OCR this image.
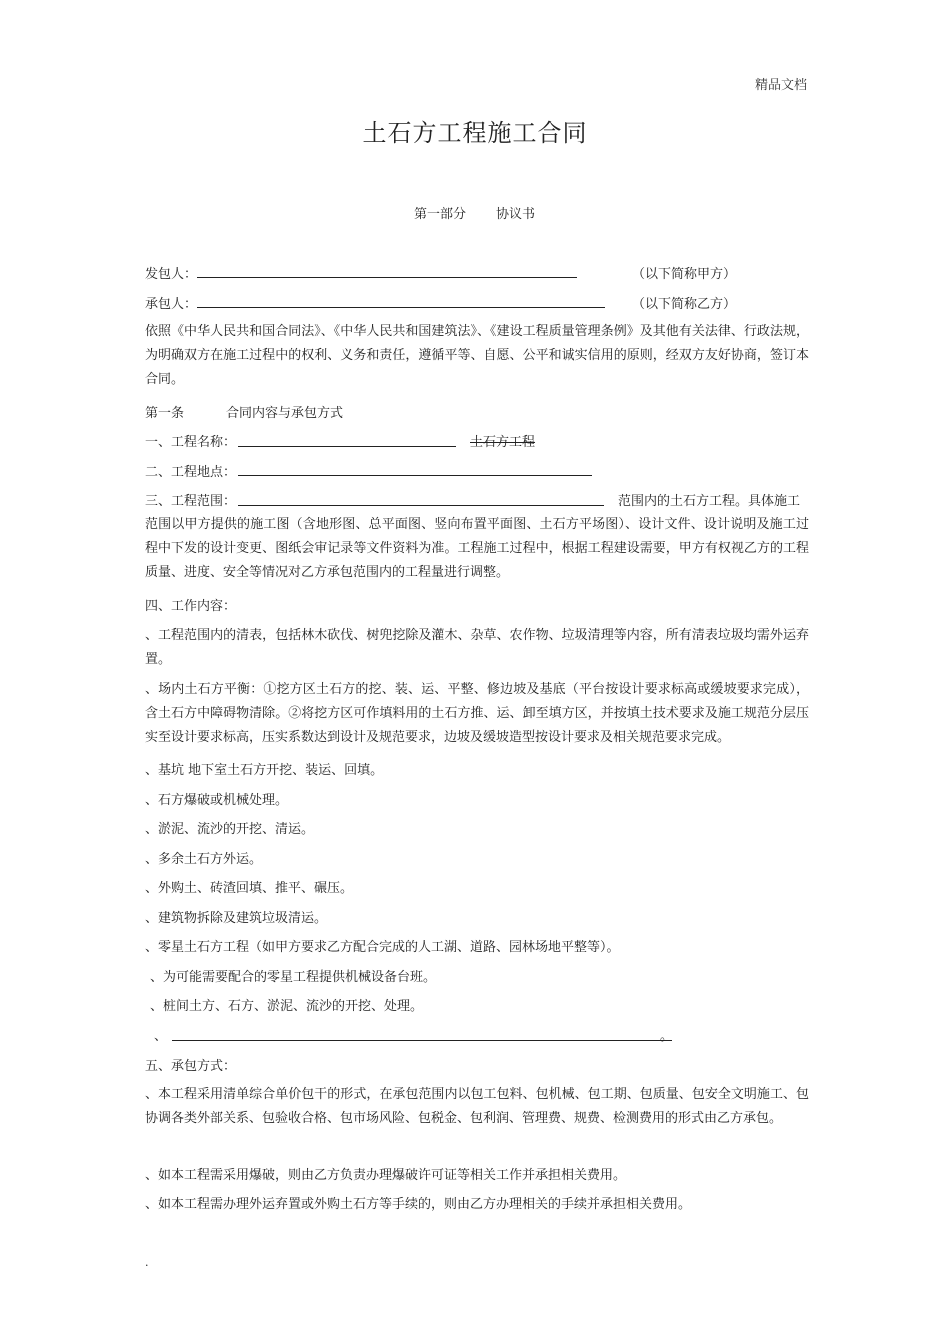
精品文档
土石方工程施工合同
第一部分 协议书
发包人：	（以下简称甲方）
承包人：	（以下简称乙方）
依照《中华人民共和国合同法》、《中华人民共和国建筑法》、《建设工程质量管理条例》及其他有关法律、行政法规，为明确双方在施工过程中的权利、义务和责任，遵循平等、自愿、公平和诚实信用的原则，经双方友好协商，签订本合同。
第一条	合同内容与承包方式
一、工程名称：	土石方工程
二、工程地点：
三、工程范围：	范围内的土石方工程。具体施工
范围以甲方提供的施工图（含地形图、总平面图、竖向布置平面图、土石方平场图）、设计文件、设计说明及施工过程中下发的设计变更、图纸会审记录等文件资料为准。工程施工过程中，根据工程建设需要，甲方有权视乙方的工程质量、进度、安全等情况对乙方承包范围内的工程量进行调整。
四、工作内容：
、工程范围内的清表，包括林木砍伐、树兜挖除及灌木、杂草、农作物、垃圾清理等内容，所有清表垃圾均需外运弃置。
、场内土石方平衡：①挖方区土石方的挖、装、运、平整、修边坡及基底（平台按设计要求标高或缓坡要求完成），含土石方中障碍物清除。②将挖方区可作填料用的土石方推、运、卸至填方区，并按填土技术要求及施工规范分层压实至设计要求标高，压实系数达到设计及规范要求，边坡及缓坡造型按设计要求及相关规范要求完成。
、基坑 地下室土石方开挖、装运、回填。
、石方爆破或机械处理。
、淤泥、流沙的开挖、清运。
、多余土石方外运。
、外购土、砖渣回填、推平、碾压。
、建筑物拆除及建筑垃圾清运。
、零星土石方工程（如甲方要求乙方配合完成的人工湖、道路、园林场地平整等）。
、为可能需要配合的零星工程提供机械设备台班。
、桩间土方、石方、淤泥、流沙的开挖、处理。
、	。
五、承包方式：
、本工程采用清单综合单价包干的形式，在承包范围内以包工包料、包机械、包工期、包质量、包安全文明施工、包协调各类外部关系、包验收合格、包市场风险、包税金、包利润、管理费、规费、检测费用的形式由乙方承包。
、如本工程需采用爆破，则由乙方负责办理爆破许可证等相关工作并承担相关费用。
、如本工程需办理外运弃置或外购土石方等手续的，则由乙方办理相关的手续并承担相关费用。
.
